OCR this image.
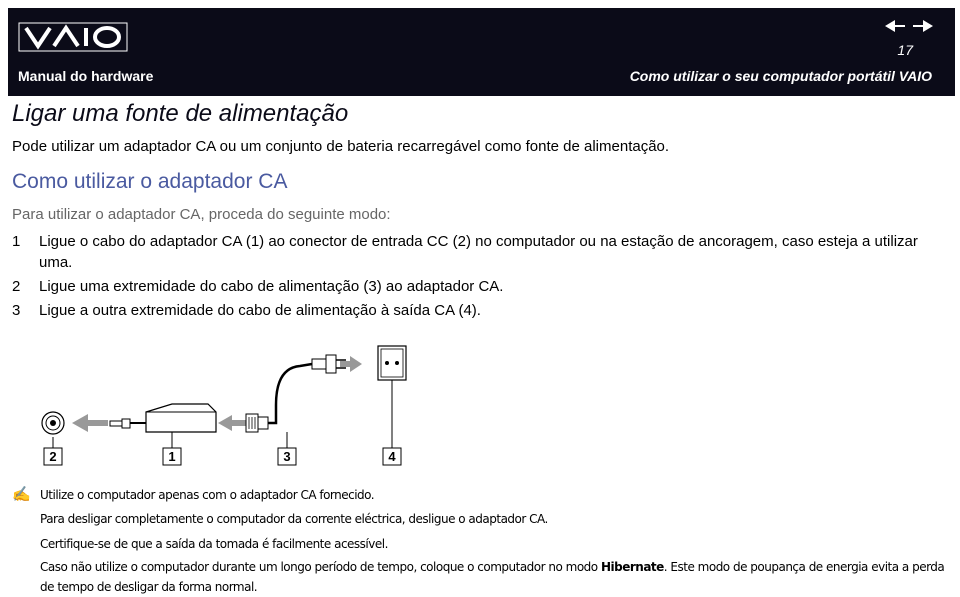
17
Manual do hardware	Como utilizar o seu computador portátil VAIO
Ligar uma fonte de alimentação
Pode utilizar um adaptador CA ou um conjunto de bateria recarregável como fonte de alimentação.
Como utilizar o adaptador CA
Para utilizar o adaptador CA, proceda do seguinte modo:
1 Ligue o cabo do adaptador CA (1) ao conector de entrada CC (2) no computador ou na estação de ancoragem, caso esteja a utilizar uma.
2 Ligue uma extremidade do cabo de alimentação (3) ao adaptador CA.
3 Ligue a outra extremidade do cabo de alimentação à saída CA (4).
2	1	3	4
✍ Utilize o computador apenas com o adaptador CA fornecido.
Para desligar completamente o computador da corrente eléctrica, desligue o adaptador CA.
Certifique-se de que a saída da tomada é facilmente acessível.
Caso não utilize o computador durante um longo período de tempo, coloque o computador no modo Hibernate. Este modo de poupança de energia evita a perda de tempo de desligar da forma normal.
